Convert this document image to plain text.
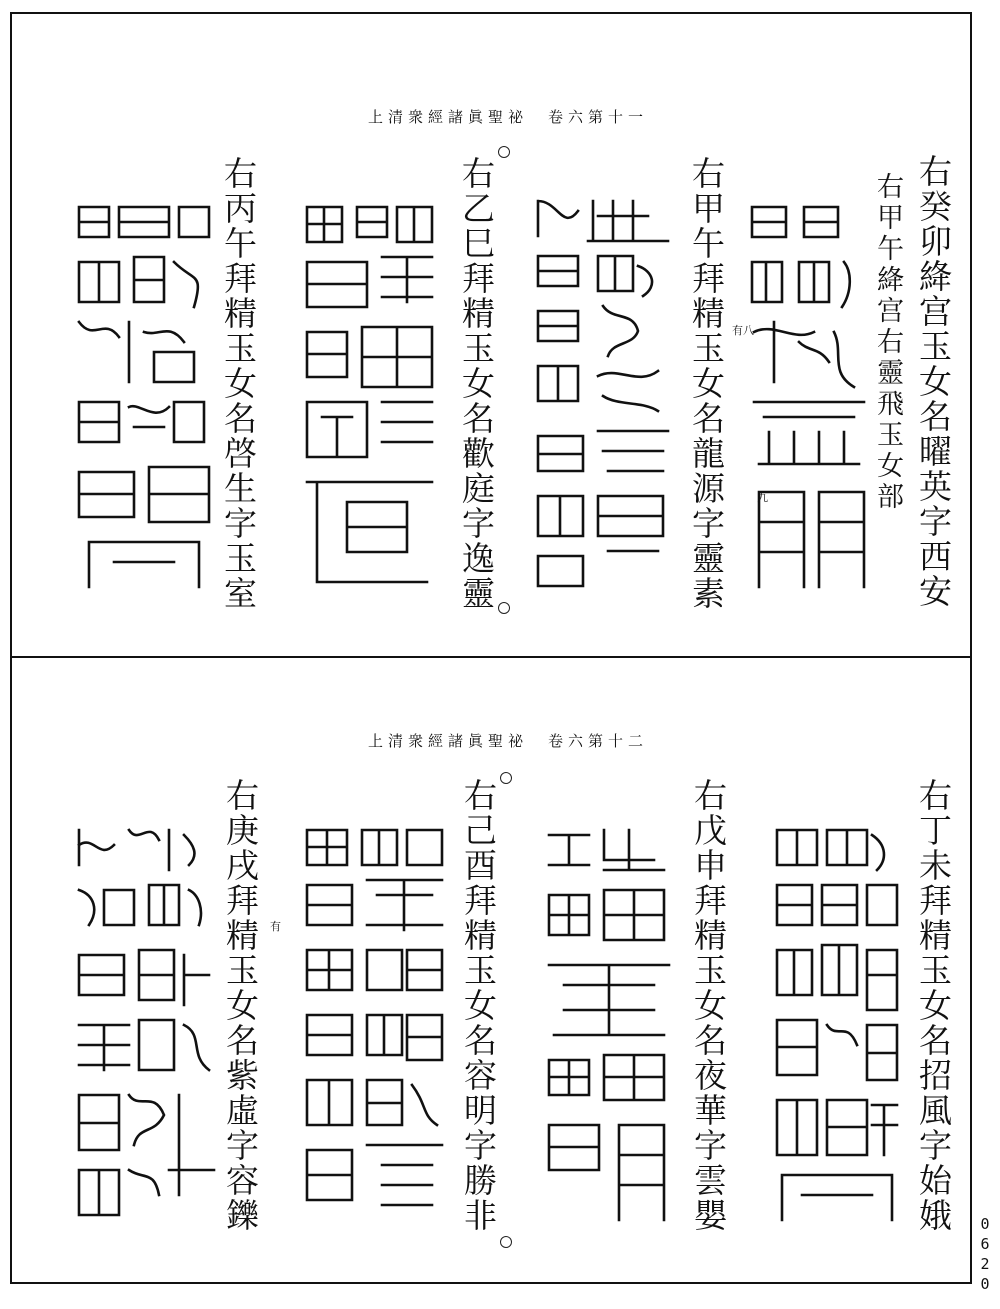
上清衆經諸眞聖祕　卷六第十一
右癸卯絳宫玉女名曜英字西安
右甲午絳宫右靈飛玉女部
右甲午拜精玉女名龍源字靈素
右乙巳拜精玉女名歡庭字逸靈
右丙午拜精玉女名啓生字玉室	有八
九
上清衆經諸眞聖祕　卷六第十二
右丁未拜精玉女名招風字始娥
右戊申拜精玉女名夜華字雲嬰
右己酉拜精玉女名容明字勝非
右庚戌拜精玉女名紫虛字容鑠 有
0620
